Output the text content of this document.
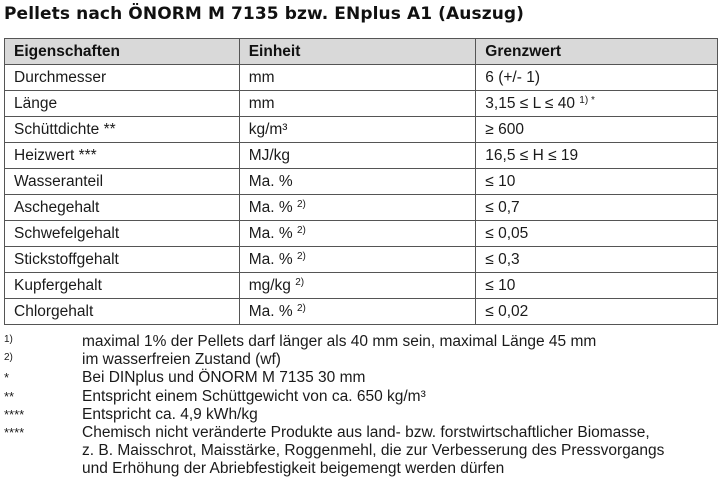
Pellets nach ÖNORM M 7135 bzw. ENplus A1 (Auszug)
Eigenschaften	Einheit	Grenzwert
Durchmesser	mm	6 (+/- 1)
Länge	mm	3,15 ≤ L ≤ 40 $^{1) *}$
Schüttdichte **	kg/m³	≥ 600
Heizwert ***	MJ/kg	16,5 ≤ H ≤ 19
Wasseranteil	Ma. %	≤ 10
Aschegehalt	Ma. % $^{2)}$	≤ 0,7
Schwefelgehalt	Ma. % $^{2)}$	≤ 0,05
Stickstoffgehalt	Ma. % $^{2)}$	≤ 0,3
Kupfergehalt	mg/kg $^{2)}$	≤ 10
Chlorgehalt	Ma. % $^{2)}$	≤ 0,02
$^{1)}$	maximal 1% der Pellets darf länger als 40 mm sein, maximal Länge 45 mm
$^{2)}$	im wasserfreien Zustand (wf)
*	Bei DINplus und ÖNORM M 7135 30 mm
**	Entspricht einem Schüttgewicht von ca. 650 kg/m³
****	Entspricht ca. 4,9 kWh/kg
****	Chemisch nicht veränderte Produkte aus land- bzw. forstwirtschaftlicher Biomasse,
z. B. Maisschrot, Maisstärke, Roggenmehl, die zur Verbesserung des Pressvorgangs
und Erhöhung der Abriebfestigkeit beigemengt werden dürfen
